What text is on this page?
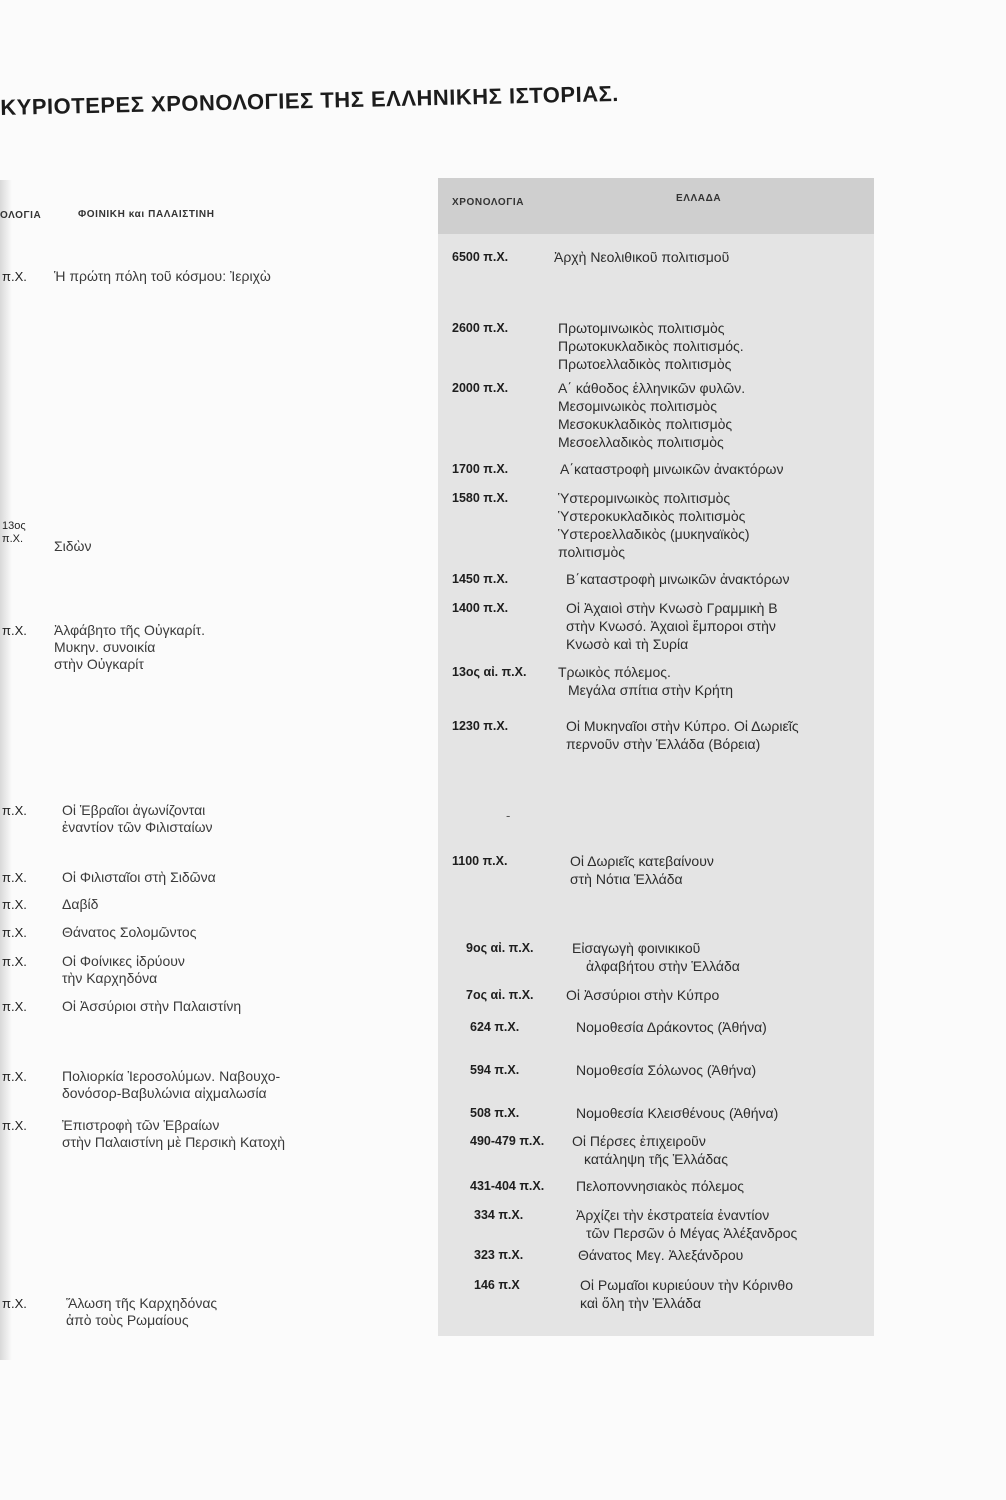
ΚΥΡΙΟΤΕΡΕΣ ΧΡΟΝΟΛΟΓΙΕΣ ΤΗΣ ΕΛΛΗΝΙΚΗΣ ΙΣΤΟΡΙΑΣ.
ΟΛΟΓΙΑ	ΦΟΙΝΙΚΗ και ΠΑΛΑΙΣΤΙΝΗ
ΧΡΟΝΟΛΟΓΙΑ	ΕΛΛΑΔΑ
π.Χ. Ἡ πρώτη πόλη τοῦ κόσμου: Ἰεριχὼ
13ος π.Χ.	Σιδὼν
π.Χ. Ἀλφάβητο τῆς Οὐγκαρίτ.
Μυκην. συνοικία
στὴν Οὐγκαρίτ
π.Χ.	Οἱ Ἑβραῖοι ἀγωνίζονται
ἐναντίον τῶν Φιλισταίων
π.Χ.	Οἱ Φιλισταῖοι στὴ Σιδῶνα
π.Χ.	Δαβίδ
π.Χ.	Θάνατος Σολομῶντος
π.Χ.	Οἱ Φοίνικες ἱδρύουν
τὴν Καρχηδόνα
π.Χ.	Οἱ Ἀσσύριοι στὴν Παλαιστίνη
π.Χ.	Πολιορκία Ἱεροσολύμων. Ναβουχο-
δονόσορ-Βαβυλώνια αἰχμαλωσία
π.Χ.	Ἐπιστροφὴ τῶν Ἑβραίων
στὴν Παλαιστίνη μὲ Περσικὴ Κατοχὴ
π.Χ.	Ἅλωση τῆς Καρχηδόνας
ἀπὸ τοὺς Ρωμαίους
6500 π.Χ.	Ἀρχὴ Νεολιθικοῦ πολιτισμοῦ
2600 π.Χ.	Πρωτομινωικὸς πολιτισμὸς
Πρωτοκυκλαδικὸς πολιτισμός.
Πρωτοελλαδικὸς πολιτισμὸς
2000 π.Χ.	Α΄ κάθοδος ἑλληνικῶν φυλῶν.
Μεσομινωικὸς πολιτισμὸς
Μεσοκυκλαδικὸς πολιτισμὸς
Μεσοελλαδικὸς πολιτισμὸς
1700 π.Χ.	Α΄καταστροφὴ μινωικῶν ἀνακτόρων
1580 π.Χ.	Ὑστερομινωικὸς πολιτισμὸς
Ὑστεροκυκλαδικὸς πολιτισμὸς
Ὑστεροελλαδικὸς (μυκηναϊκὸς)
πολιτισμὸς
1450 π.Χ.	Β΄καταστροφὴ μινωικῶν ἀνακτόρων
1400 π.Χ.	Οἱ Ἀχαιοὶ στὴν Κνωσὸ Γραμμικὴ Β
στὴν Κνωσό. Ἀχαιοὶ ἔμποροι στὴν
Κνωσὸ καὶ τὴ Συρία
13ος αἰ. π.Χ. Τρωικὸς πόλεμος.
Μεγάλα σπίτια στὴν Κρήτη
1230 π.Χ.	Οἱ Μυκηναῖοι στὴν Κύπρο. Οἱ Δωριεῖς
περνοῦν στὴν Ἑλλάδα (Βόρεια)
-
1100 π.Χ.	Οἱ Δωριεῖς κατεβαίνουν
στὴ Νότια Ἑλλάδα
9ος αἰ. π.Χ.	Εἰσαγωγὴ φοινικικοῦ
ἀλφαβήτου στὴν Ἑλλάδα
7ος αἰ. π.Χ. Οἱ Ἀσσύριοι στὴν Κύπρο
624 π.Χ.	Νομοθεσία Δράκοντος (Ἀθήνα)
594 π.Χ.	Νομοθεσία Σόλωνος (Ἀθήνα)
508 π.Χ.	Νομοθεσία Κλεισθένους (Ἀθήνα)
490-479 π.Χ. Οἱ Πέρσες ἐπιχειροῦν
κατάληψη τῆς Ἑλλάδας
431-404 π.Χ. Πελοποννησιακὸς πόλεμος
334 π.Χ.	Ἀρχίζει τὴν ἐκστρατεία ἐναντίον
τῶν Περσῶν ὁ Μέγας Ἀλέξανδρος
323 π.Χ.	Θάνατος Μεγ. Ἀλεξάνδρου
146 π.Χ	Οἱ Ρωμαῖοι κυριεύουν τὴν Κόρινθο
καὶ ὅλη τὴν Ἑλλάδα
